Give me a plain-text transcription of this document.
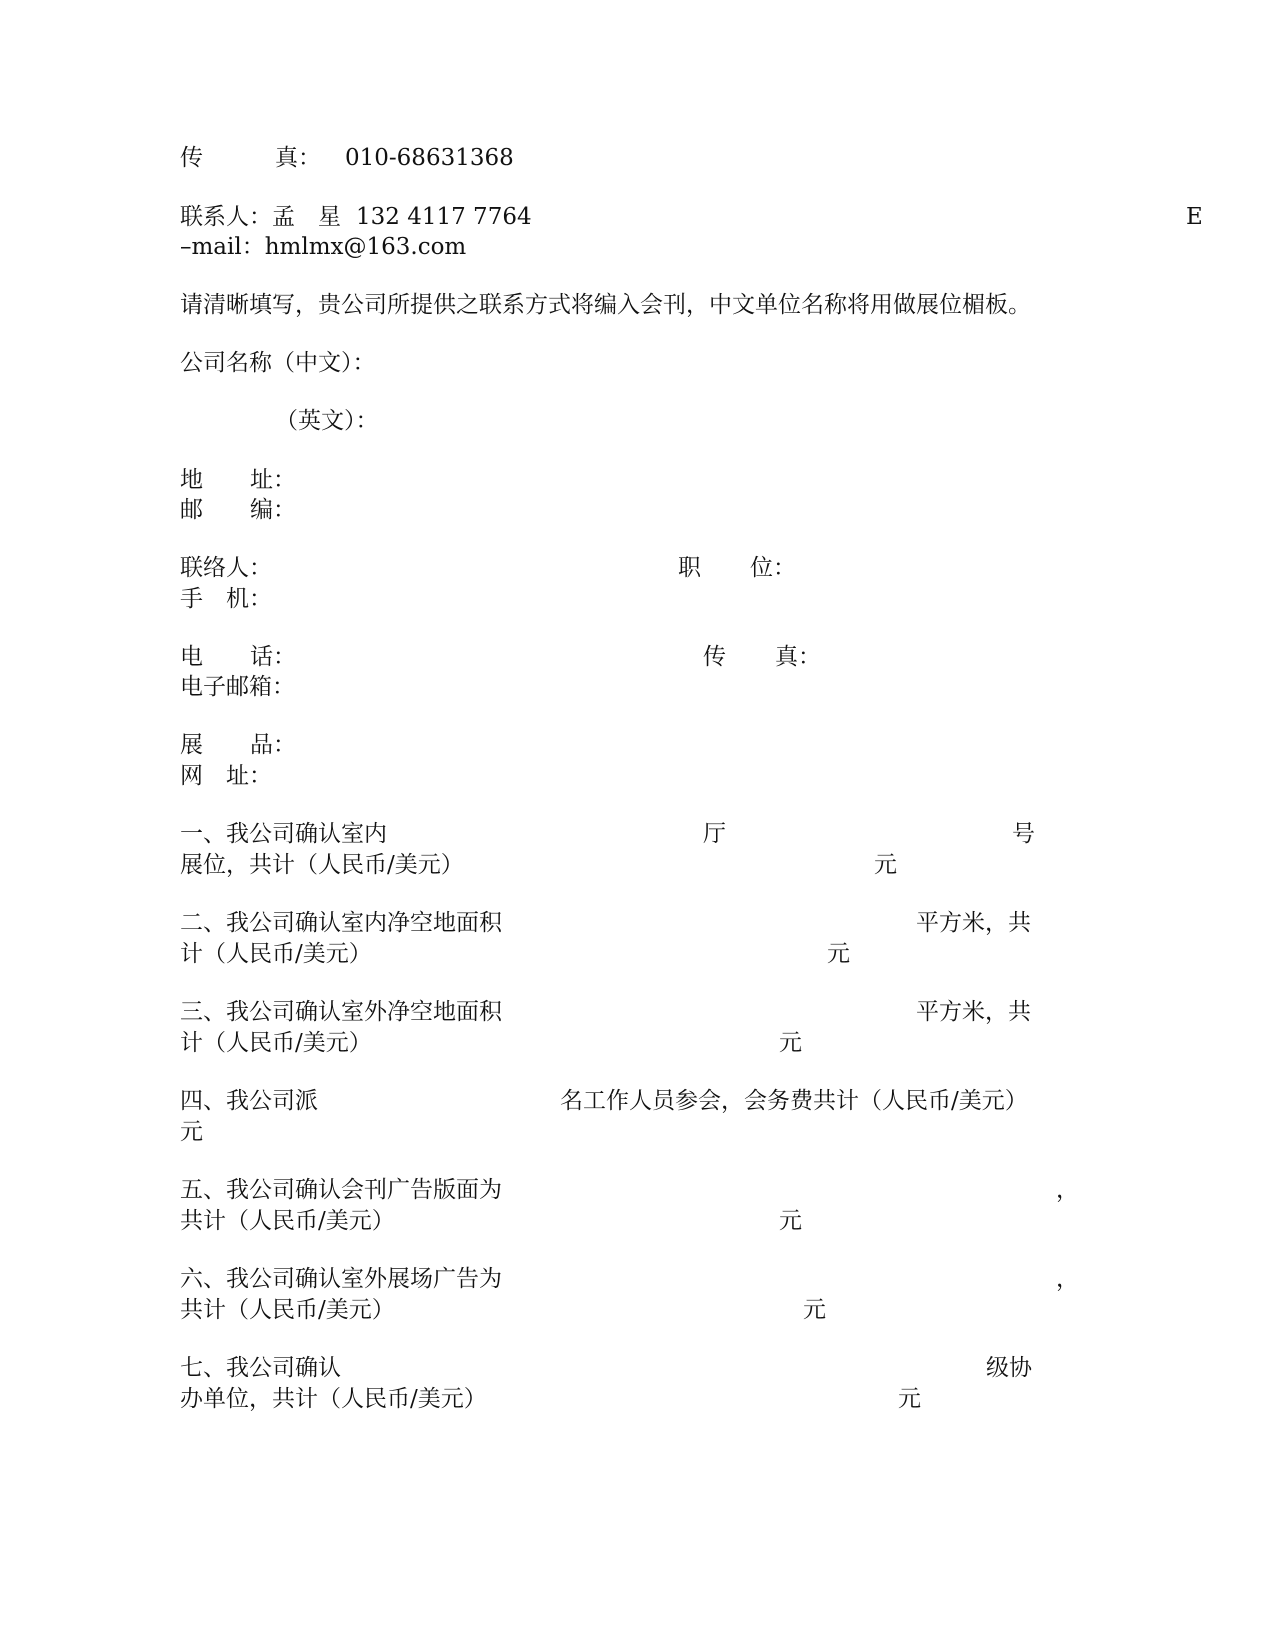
传	真： 010-68631368
联系人：孟　星 132 4117 7764	E
–mail：hmlmx@163.com
请清晰填写，贵公司所提供之联系方式将编入会刊，中文单位名称将用做展位楣板。
公司名称（中文）：
（英文）：
地 址：
邮 编：
联络人：	职 位：
手　机：
电 话：	传 真：
电子邮箱：
展 品：
网　址：
一、我公司确认室内	厅	号
展位，共计（人民币/美元）	元
二、我公司确认室内净空地面积	平方米，共
计（人民币/美元）	元
三、我公司确认室外净空地面积	平方米，共
计（人民币/美元）	元
四、我公司派	名工作人员参会，会务费共计（人民币/美元）
元
五、我公司确认会刊广告版面为	，
共计（人民币/美元）	元
六、我公司确认室外展场广告为	，
共计（人民币/美元）	元
七、我公司确认	级协
办单位，共计（人民币/美元）	元
